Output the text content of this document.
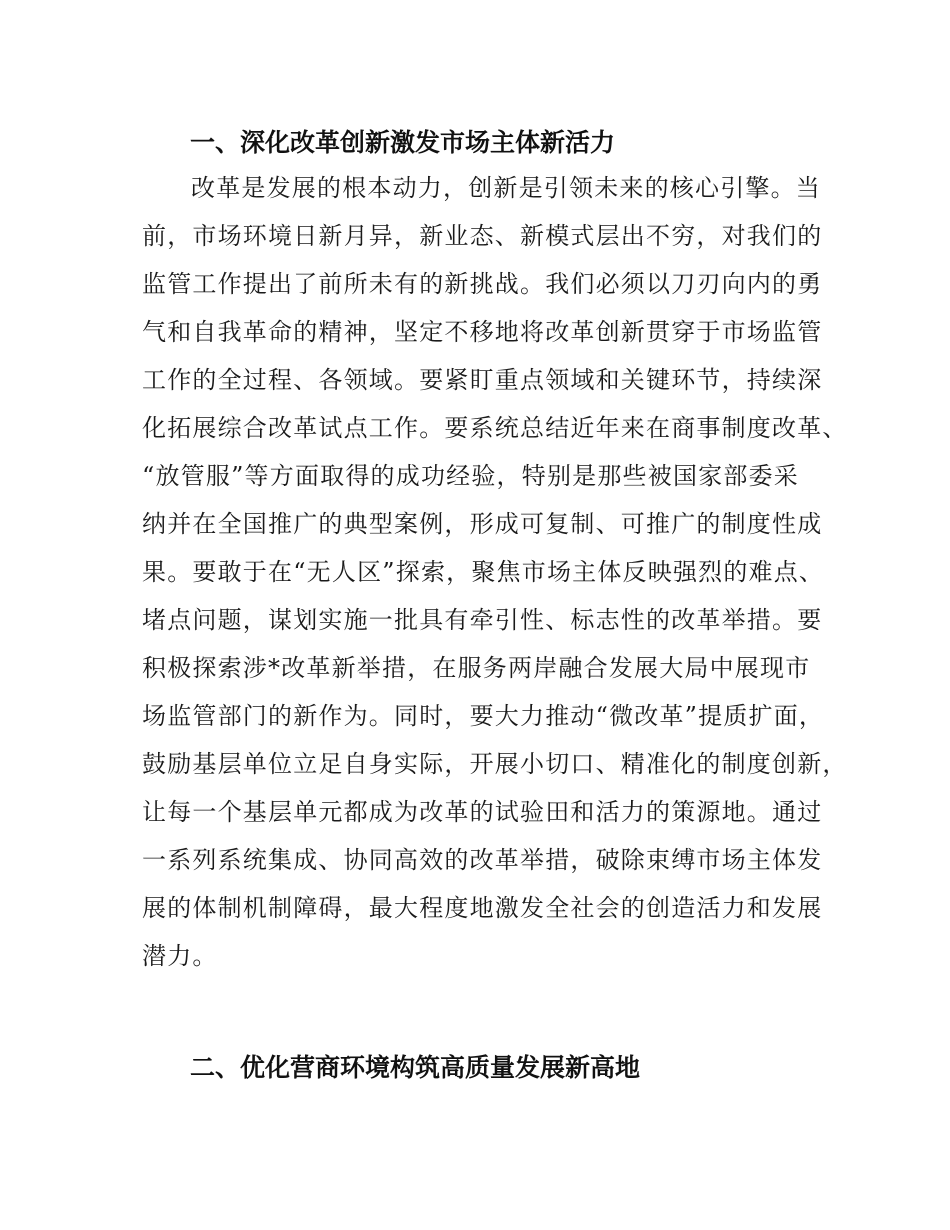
一、深化改革创新激发市场主体新活力
改革是发展的根本动力，创新是引领未来的核心引擎。当
前，市场环境日新月异，新业态、新模式层出不穷，对我们的
监管工作提出了前所未有的新挑战。我们必须以刀刃向内的勇
气和自我革命的精神，坚定不移地将改革创新贯穿于市场监管
工作的全过程、各领域。要紧盯重点领域和关键环节，持续深
化拓展综合改革试点工作。要系统总结近年来在商事制度改革、
“放管服”等方面取得的成功经验，特别是那些被国家部委采
纳并在全国推广的典型案例，形成可复制、可推广的制度性成
果。要敢于在“无人区”探索，聚焦市场主体反映强烈的难点、
堵点问题，谋划实施一批具有牵引性、标志性的改革举措。要
积极探索涉*改革新举措，在服务两岸融合发展大局中展现市
场监管部门的新作为。同时，要大力推动“微改革”提质扩面，
鼓励基层单位立足自身实际，开展小切口、精准化的制度创新，
让每一个基层单元都成为改革的试验田和活力的策源地。通过
一系列系统集成、协同高效的改革举措，破除束缚市场主体发
展的体制机制障碍，最大程度地激发全社会的创造活力和发展
潜力。
二、优化营商环境构筑高质量发展新高地
